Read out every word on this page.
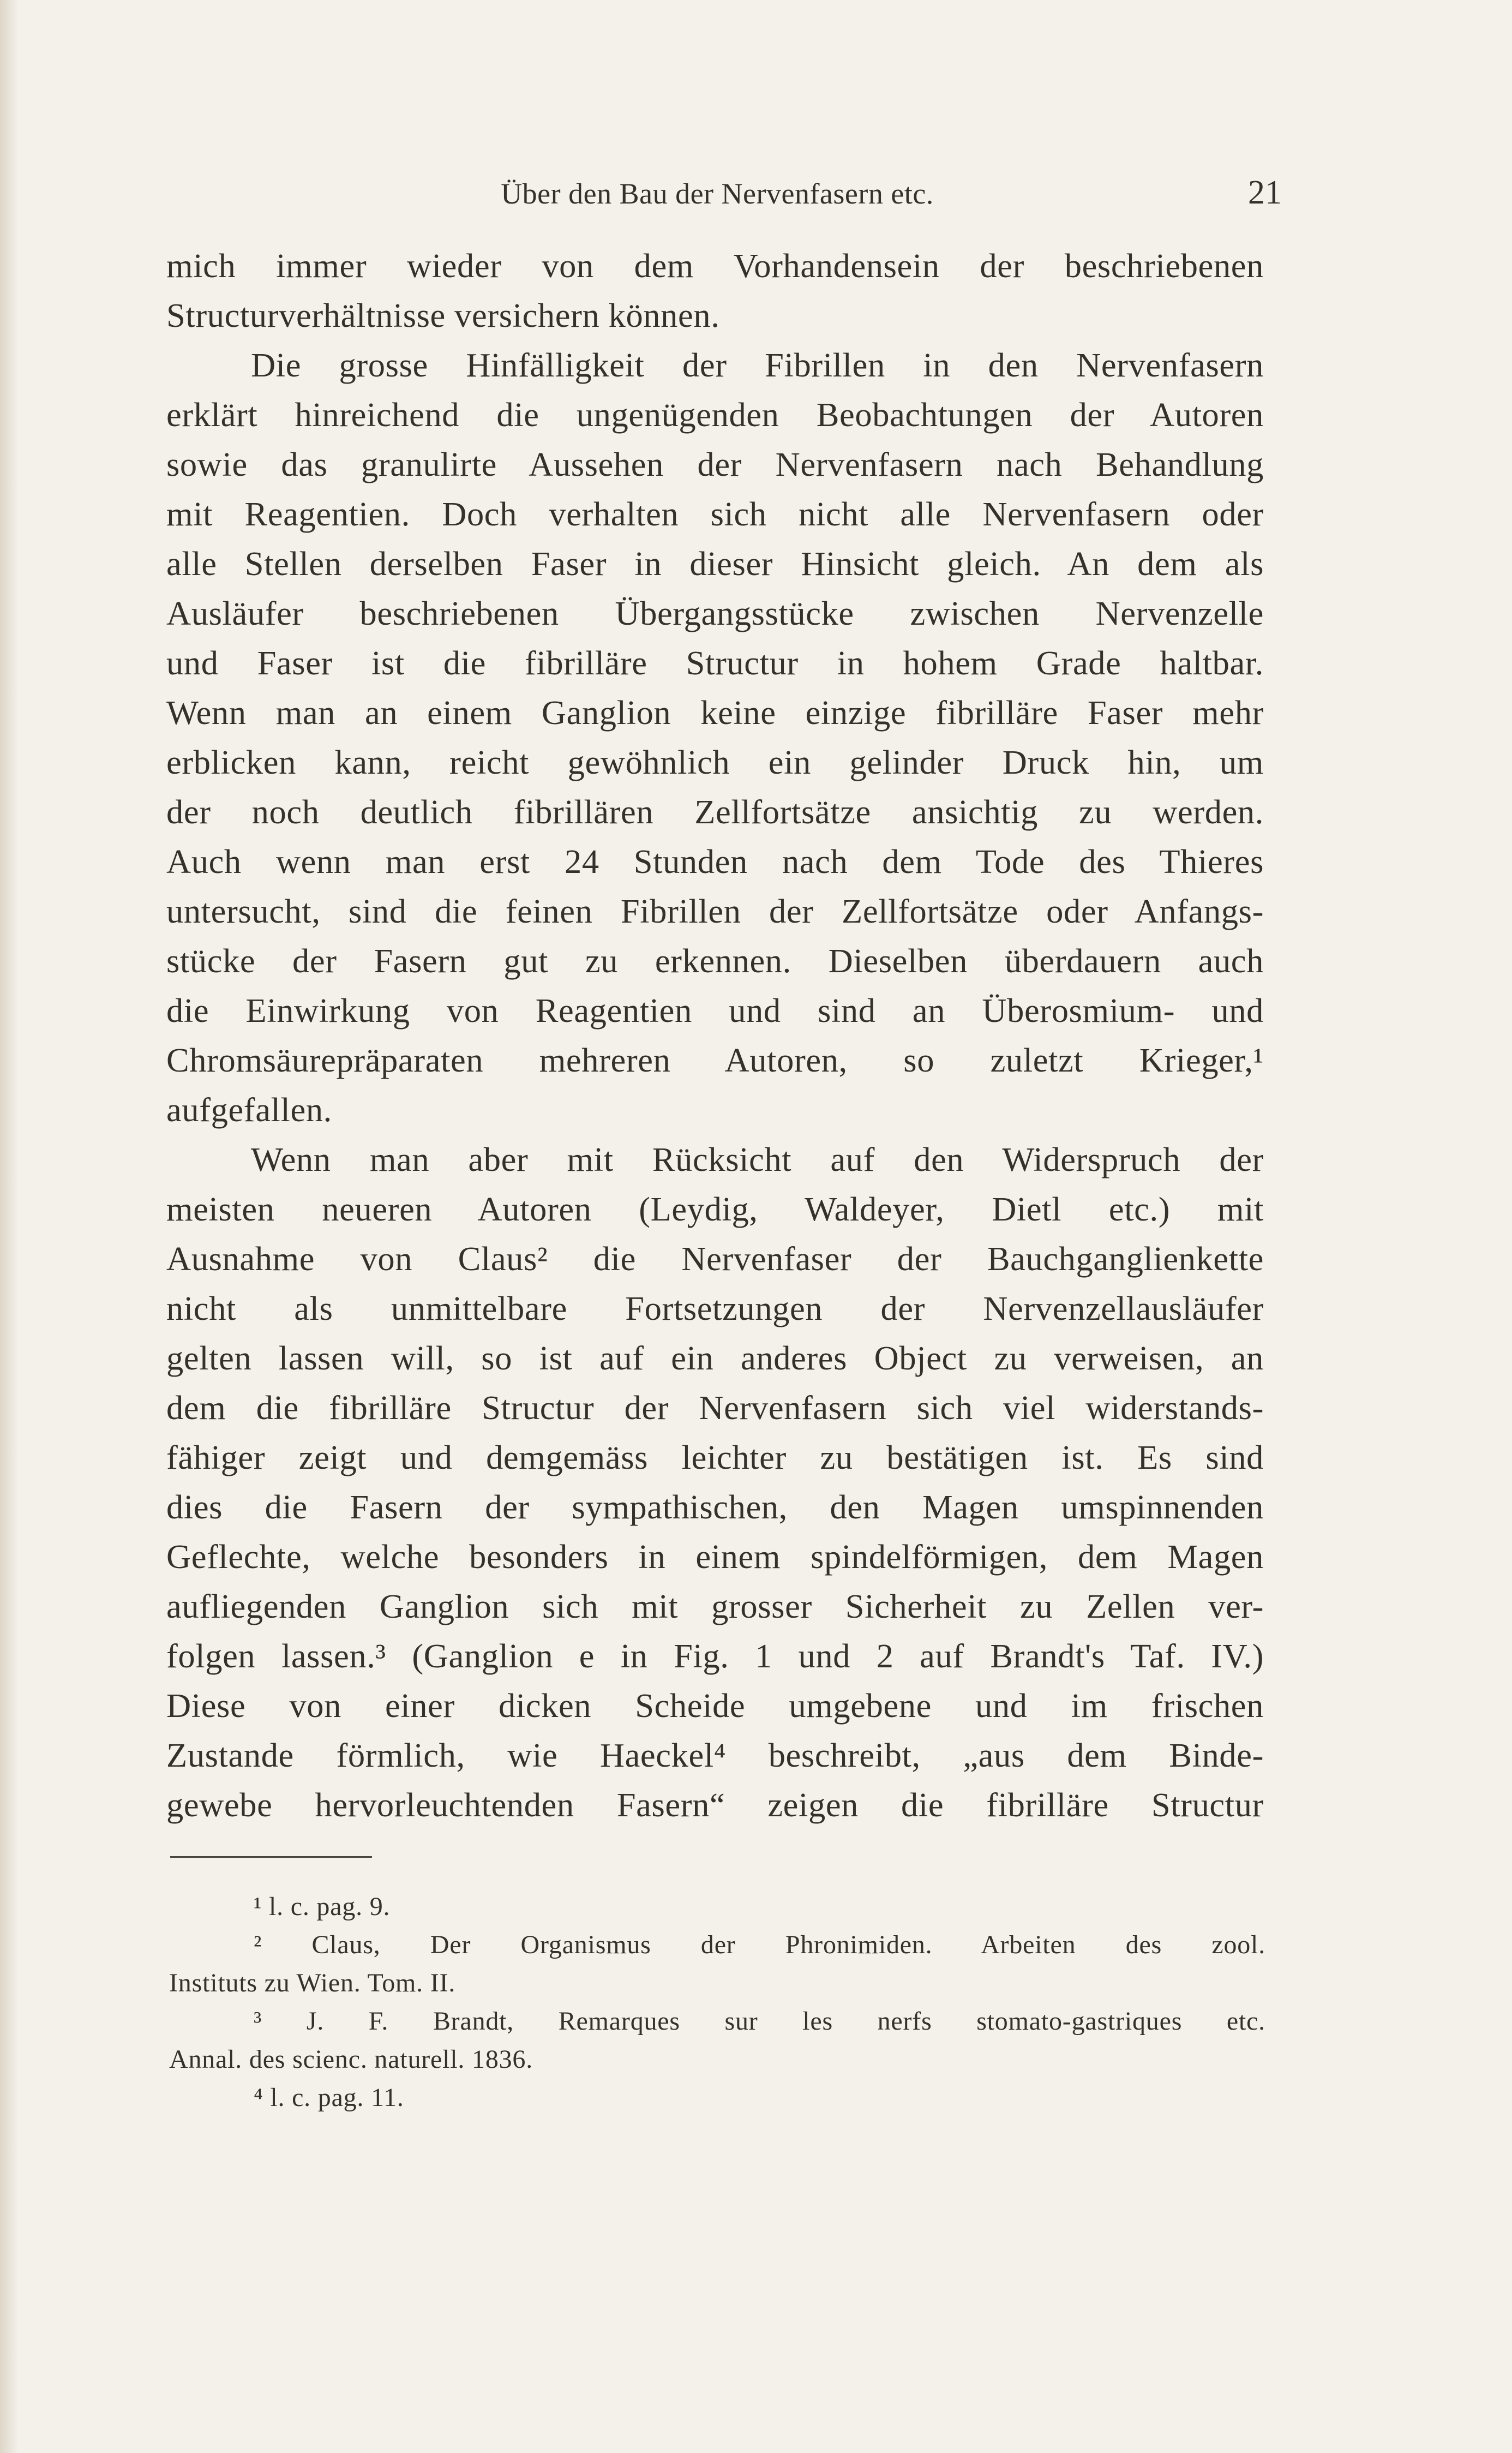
Über den Bau der Nervenfasern etc.	21
mich immer wieder von dem Vorhandensein der beschriebenen
Structurverhältnisse versichern können.
Die grosse Hinfälligkeit der Fibrillen in den Nervenfasern
erklärt hinreichend die ungenügenden Beobachtungen der Autoren
sowie das granulirte Aussehen der Nervenfasern nach Behandlung
mit Reagentien. Doch verhalten sich nicht alle Nervenfasern oder
alle Stellen derselben Faser in dieser Hinsicht gleich. An dem als
Ausläufer beschriebenen Übergangsstücke zwischen Nervenzelle
und Faser ist die fibrilläre Structur in hohem Grade haltbar.
Wenn man an einem Ganglion keine einzige fibrilläre Faser mehr
erblicken kann, reicht gewöhnlich ein gelinder Druck hin, um
der noch deutlich fibrillären Zellfortsätze ansichtig zu werden.
Auch wenn man erst 24 Stunden nach dem Tode des Thieres
untersucht, sind die feinen Fibrillen der Zellfortsätze oder Anfangs-
stücke der Fasern gut zu erkennen. Dieselben überdauern auch
die Einwirkung von Reagentien und sind an Überosmium- und
Chromsäurepräparaten mehreren Autoren, so zuletzt Krieger,¹
aufgefallen.
Wenn man aber mit Rücksicht auf den Widerspruch der
meisten neueren Autoren (Leydig, Waldeyer, Dietl etc.) mit
Ausnahme von Claus² die Nervenfaser der Bauchganglienkette
nicht als unmittelbare Fortsetzungen der Nervenzellausläufer
gelten lassen will, so ist auf ein anderes Object zu verweisen, an
dem die fibrilläre Structur der Nervenfasern sich viel widerstands-
fähiger zeigt und demgemäss leichter zu bestätigen ist. Es sind
dies die Fasern der sympathischen, den Magen umspinnenden
Geflechte, welche besonders in einem spindelförmigen, dem Magen
aufliegenden Ganglion sich mit grosser Sicherheit zu Zellen ver-
folgen lassen.³ (Ganglion e in Fig. 1 und 2 auf Brandt's Taf. IV.)
Diese von einer dicken Scheide umgebene und im frischen
Zustande förmlich, wie Haeckel⁴ beschreibt, „aus dem Binde-
gewebe hervorleuchtenden Fasern“ zeigen die fibrilläre Structur
¹ l. c. pag. 9.
² Claus, Der Organismus der Phronimiden. Arbeiten des zool.
Instituts zu Wien. Tom. II.
³ J. F. Brandt, Remarques sur les nerfs stomato-gastriques etc.
Annal. des scienc. naturell. 1836.
⁴ l. c. pag. 11.
